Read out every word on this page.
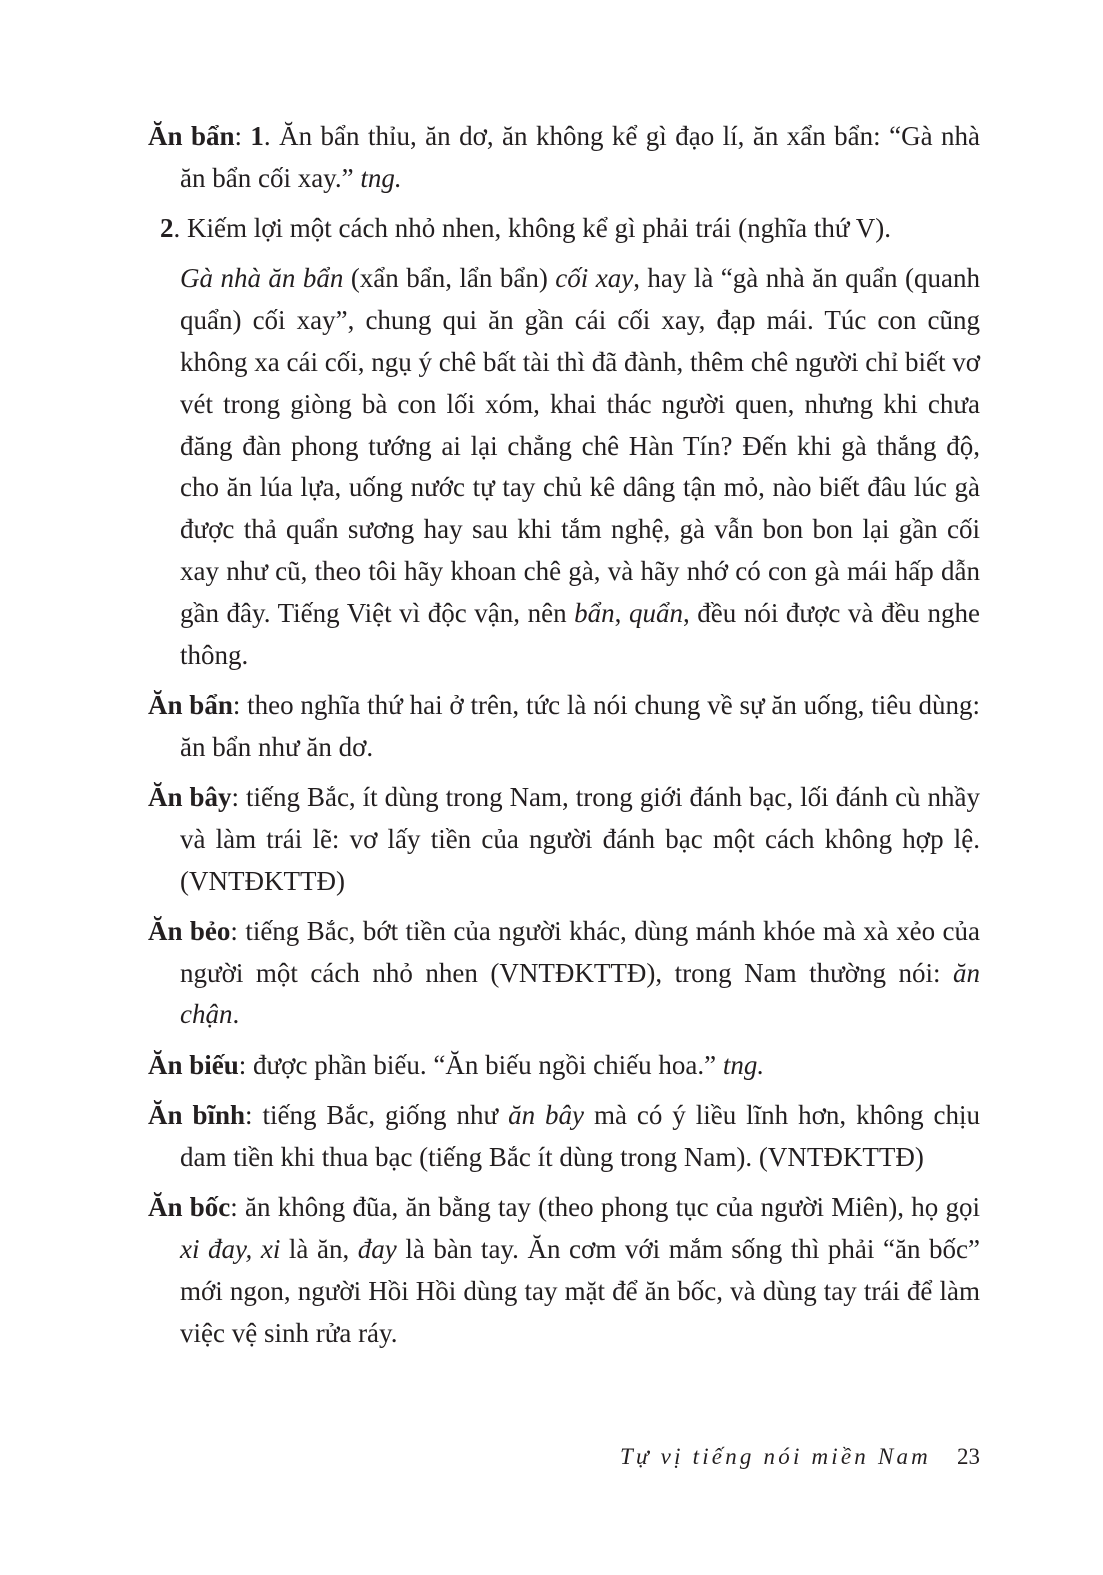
Ăn bẩn: 1. Ăn bẩn thỉu, ăn dơ, ăn không kể gì đạo lí, ăn xẩn bẩn: “Gà nhà ăn bẩn cối xay.” tng.

2. Kiếm lợi một cách nhỏ nhen, không kể gì phải trái (nghĩa thứ V).

Gà nhà ăn bẩn (xẩn bẩn, lẩn bẩn) cối xay, hay là “gà nhà ăn quẩn (quanh quẩn) cối xay”, chung qui ăn gần cái cối xay, đạp mái. Túc con cũng không xa cái cối, ngụ ý chê bất tài thì đã đành, thêm chê người chỉ biết vơ vét trong giòng bà con lối xóm, khai thác người quen, nhưng khi chưa đăng đàn phong tướng ai lại chẳng chê Hàn Tín? Đến khi gà thắng độ, cho ăn lúa lựa, uống nước tự tay chủ kê dâng tận mỏ, nào biết đâu lúc gà được thả quẩn sương hay sau khi tắm nghệ, gà vẫn bon bon lại gần cối xay như cũ, theo tôi hãy khoan chê gà, và hãy nhớ có con gà mái hấp dẫn gần đây. Tiếng Việt vì độc vận, nên bẩn, quẩn, đều nói được và đều nghe thông.

Ăn bẩn: theo nghĩa thứ hai ở trên, tức là nói chung về sự ăn uống, tiêu dùng: ăn bẩn như ăn dơ.

Ăn bây: tiếng Bắc, ít dùng trong Nam, trong giới đánh bạc, lối đánh cù nhầy và làm trái lẽ: vơ lấy tiền của người đánh bạc một cách không hợp lệ. (VNTĐKTTĐ)

Ăn bẻo: tiếng Bắc, bớt tiền của người khác, dùng mánh khóe mà xà xẻo của người một cách nhỏ nhen (VNTĐKTTĐ), trong Nam thường nói: ăn chận.

Ăn biếu: được phần biếu. “Ăn biếu ngồi chiếu hoa.” tng.

Ăn bĩnh: tiếng Bắc, giống như ăn bây mà có ý liều lĩnh hơn, không chịu dam tiền khi thua bạc (tiếng Bắc ít dùng trong Nam). (VNTĐKTTĐ)

Ăn bốc: ăn không đũa, ăn bằng tay (theo phong tục của người Miên), họ gọi xi đay, xi là ăn, đay là bàn tay. Ăn cơm với mắm sống thì phải “ăn bốc” mới ngon, người Hồi Hồi dùng tay mặt để ăn bốc, và dùng tay trái để làm việc vệ sinh rửa ráy.

Tự vị tiếng nói miền Nam 23
